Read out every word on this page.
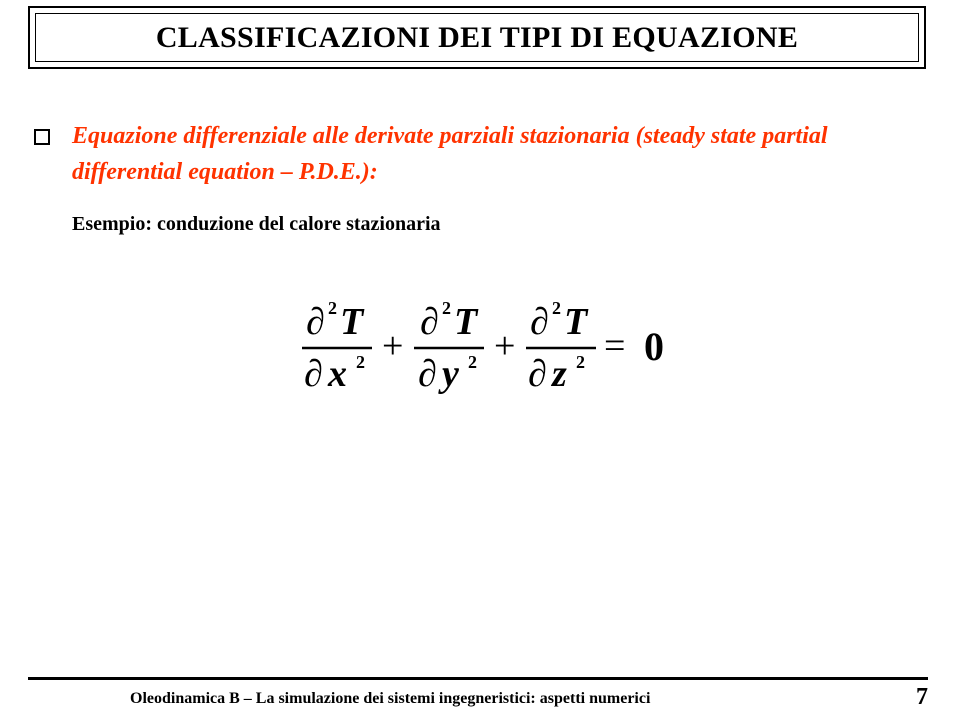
CLASSIFICAZIONI DEI TIPI DI EQUAZIONE
Equazione differenziale alle derivate parziali stazionaria (steady state partial differential equation – P.D.E.):
Esempio: conduzione del calore stazionaria
∂ 2 T
∂ x 2 +
∂ 2 T
∂ y 2 +
∂ 2 T
∂ z 2 = 0
Oleodinamica B – La simulazione dei sistemi ingegneristici: aspetti numerici	7
